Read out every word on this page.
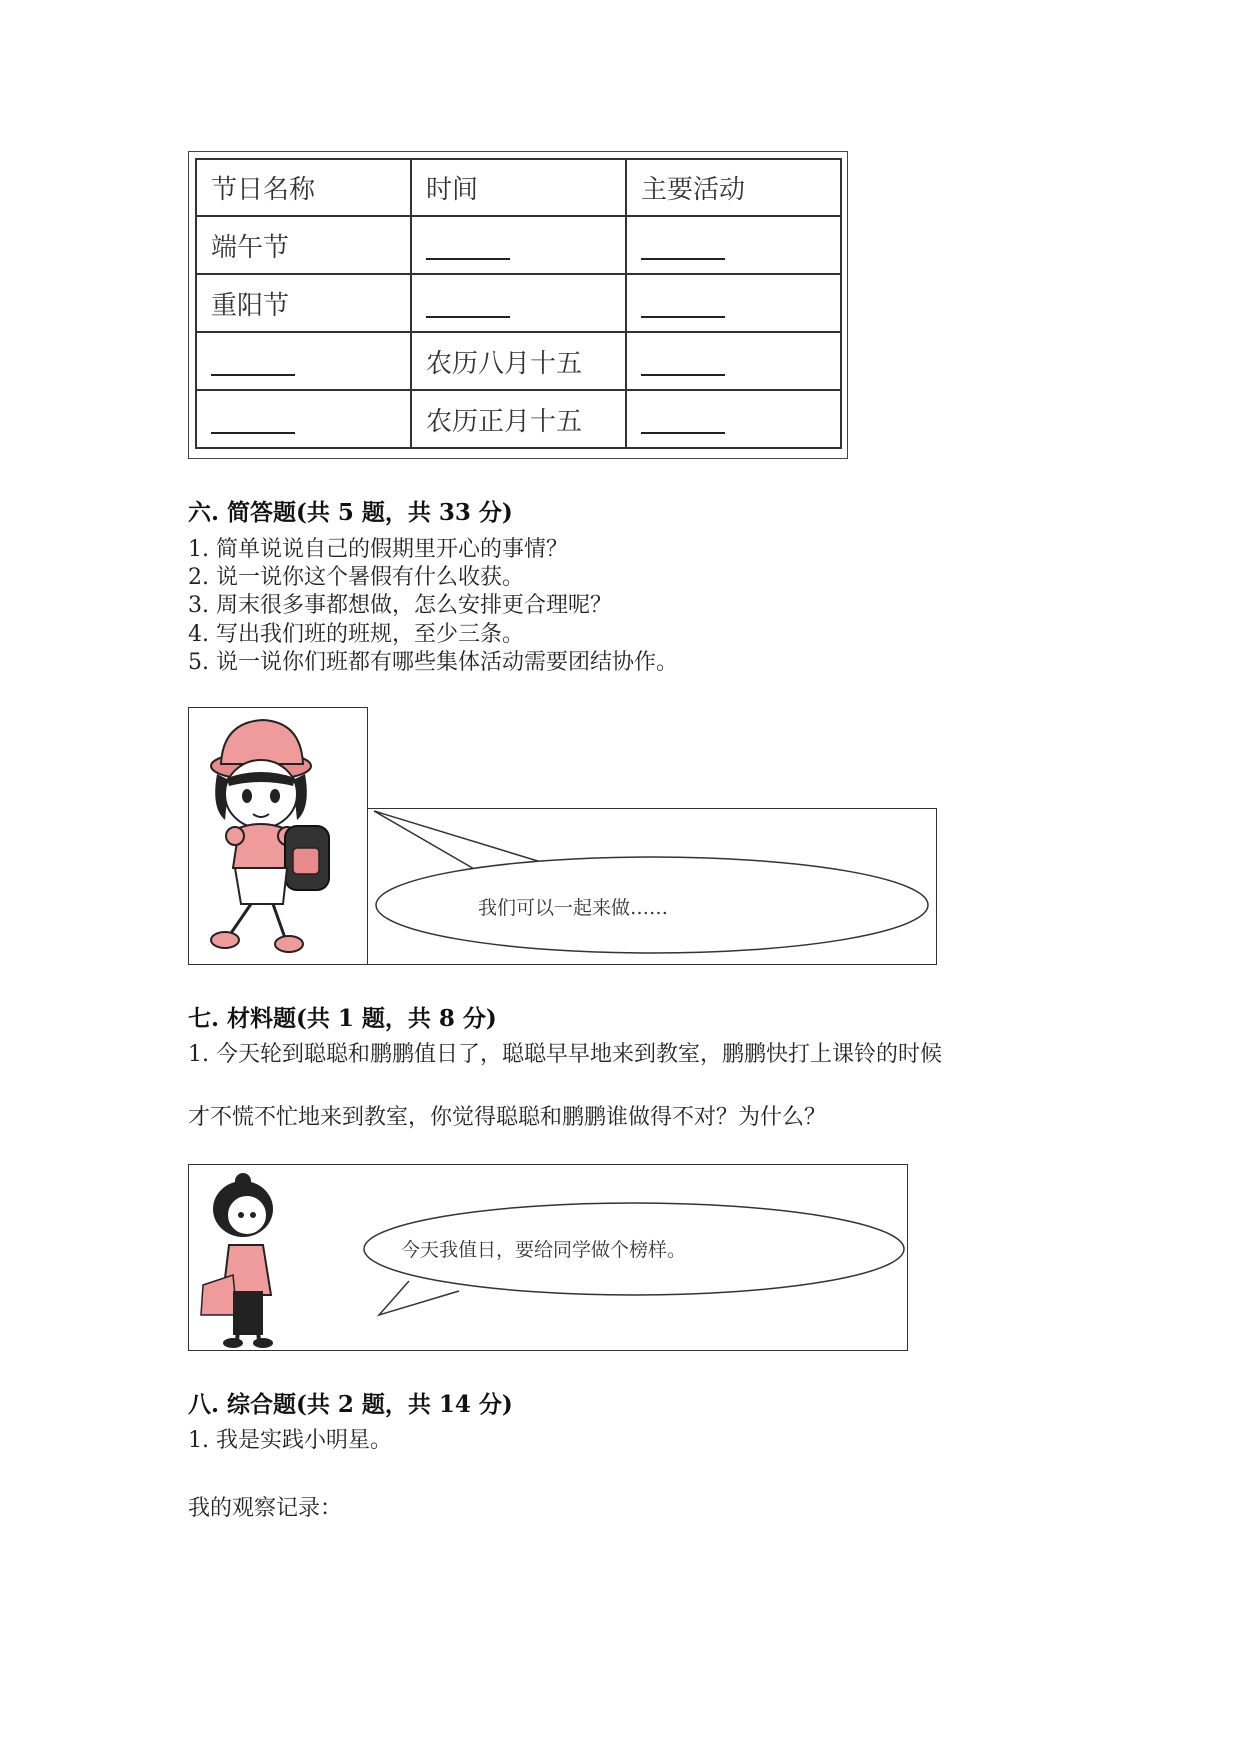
节日名称	时间	主要活动
端午节		
重阳节		
	农历八月十五	
	农历正月十五	
六. 简答题(共 5 题，共 33 分)
1. 简单说说自己的假期里开心的事情？
2. 说一说你这个暑假有什么收获。
3. 周末很多事都想做，怎么安排更合理呢？
4. 写出我们班的班规，至少三条。
5. 说一说你们班都有哪些集体活动需要团结协作。
我们可以一起来做……
七. 材料题(共 1 题，共 8 分)
1. 今天轮到聪聪和鹏鹏值日了，聪聪早早地来到教室，鹏鹏快打上课铃的时候
才不慌不忙地来到教室，你觉得聪聪和鹏鹏谁做得不对？为什么？
今天我值日，要给同学做个榜样。
八. 综合题(共 2 题，共 14 分)
1. 我是实践小明星。
我的观察记录：
